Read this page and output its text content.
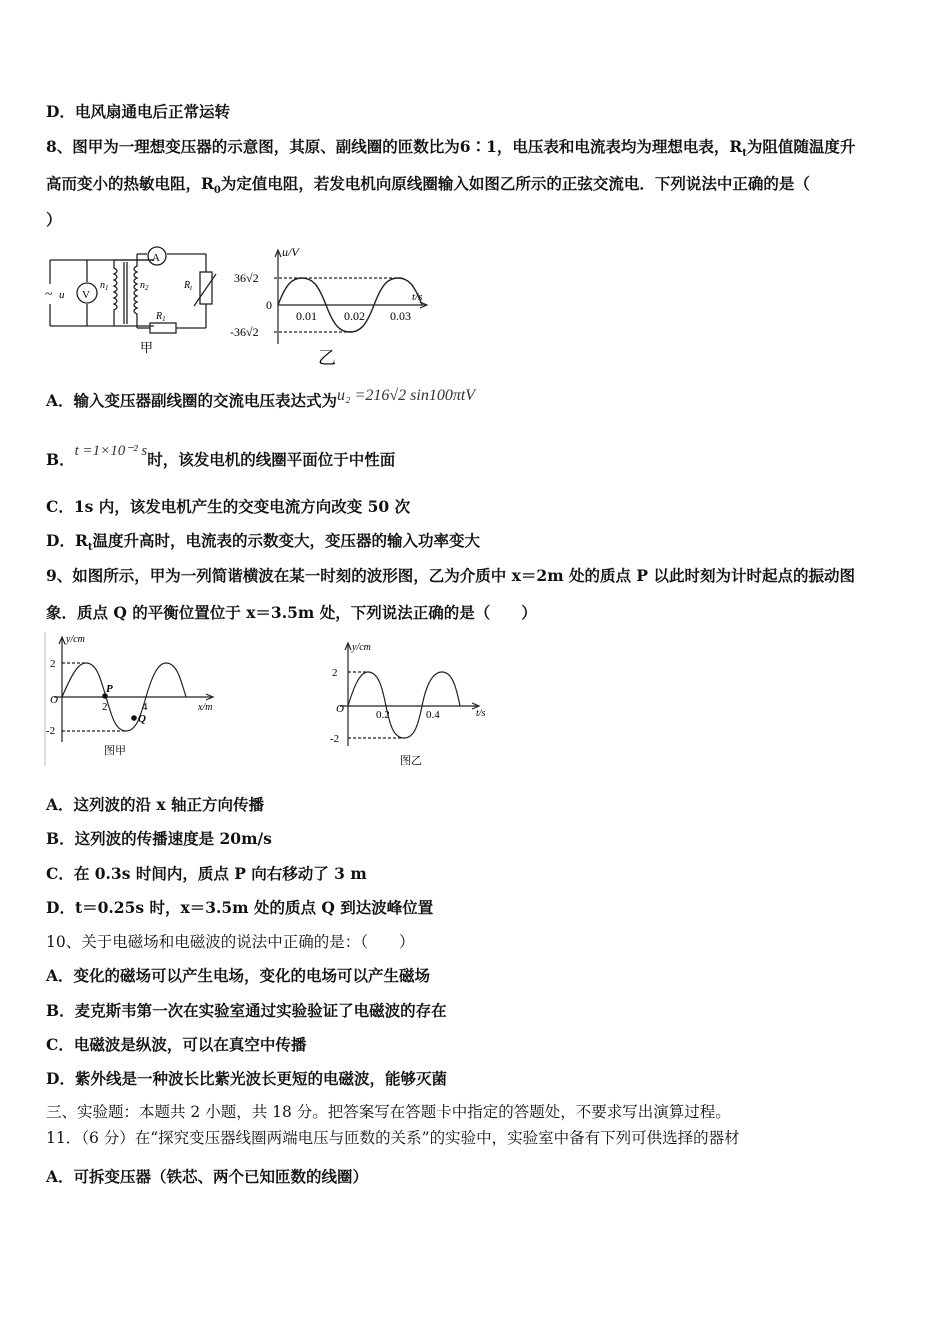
D．电风扇通电后正常运转
8、图甲为一理想变压器的示意图，其原、副线圈的匝数比为6∶1，电压表和电流表均为理想电表，$R_t$为阻值随温度升
高而变小的热敏电阻，$R_0$为定值电阻，若发电机向原线圈输入如图乙所示的正弦交流电．下列说法中正确的是（
）
V
A
~ u
$n_1$	$n_2$	$R_t$
$R_1$
甲
u/V
t/s
36√2
0
-36√2
0.01 0.02 0.03
乙
A．输入变压器副线圈的交流电压表达式为u₂ =216√2 sin100πtV
B．t =1×10⁻² s时，该发电机的线圈平面位于中性面
C．1s 内，该发电机产生的交变电流方向改变 50 次
D．$R_t$温度升高时，电流表的示数变大，变压器的输入功率变大
9、如图所示，甲为一列简谐横波在某一时刻的波形图，乙为介质中 x＝2m 处的质点 P 以此时刻为计时起点的振动图
象．质点 Q 的平衡位置位于 x＝3.5m 处，下列说法正确的是（　　）
y/cm
x/m
2
-2
O
2	4
P
Q
图甲
y/cm
t/s
2
-2
O	0.2	0.4
图乙
A．这列波的沿 x 轴正方向传播
B．这列波的传播速度是 20m/s
C．在 0.3s 时间内，质点 P 向右移动了 3 m
D．t＝0.25s 时，x＝3.5m 处的质点 Q 到达波峰位置
10、关于电磁场和电磁波的说法中正确的是：（　　）
A．变化的磁场可以产生电场，变化的电场可以产生磁场
B．麦克斯韦第一次在实验室通过实验验证了电磁波的存在
C．电磁波是纵波，可以在真空中传播
D．紫外线是一种波长比紫光波长更短的电磁波，能够灭菌
三、实验题：本题共 2 小题，共 18 分。把答案写在答题卡中指定的答题处，不要求写出演算过程。
11．（6 分）在“探究变压器线圈两端电压与匝数的关系”的实验中，实验室中备有下列可供选择的器材
A．可拆变压器（铁芯、两个已知匝数的线圈）
